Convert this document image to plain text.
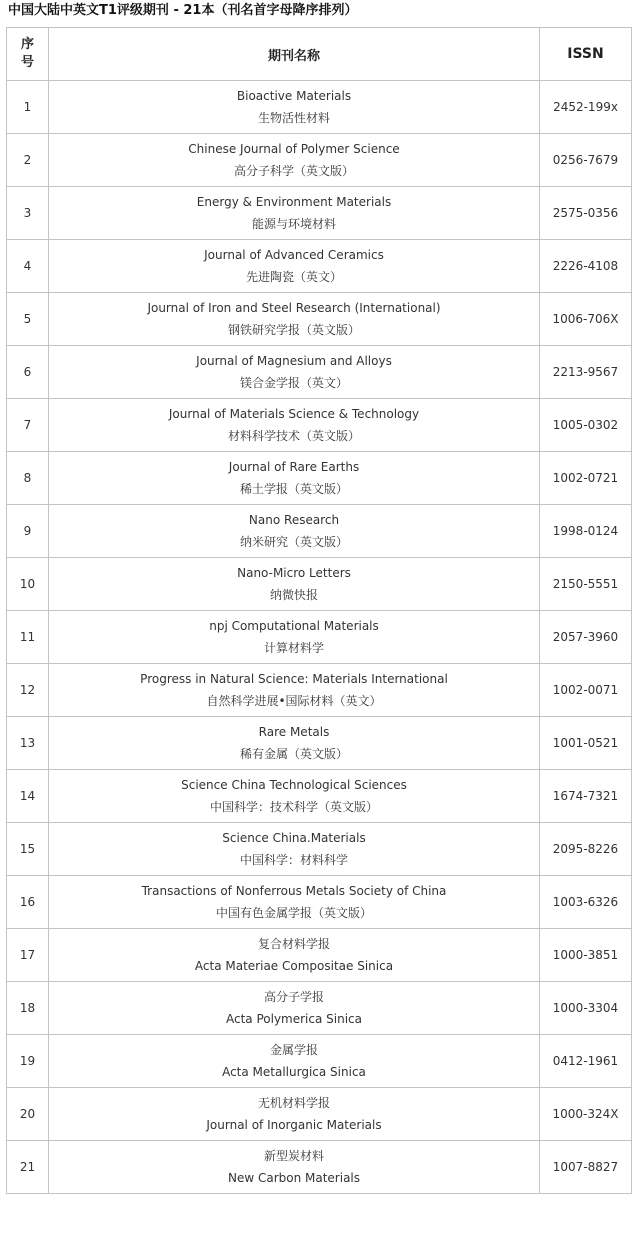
中国大陆中英文T1评级期刊 - 21本（刊名首字母降序排列）
序
号	期刊名称	ISSN
1	Bioactive Materials
生物活性材料	2452-199x
2	Chinese Journal of Polymer Science
高分子科学（英文版）	0256-7679
3	Energy & Environment Materials
能源与环境材料	2575-0356
4	Journal of Advanced Ceramics
先进陶瓷（英文）	2226-4108
5	Journal of Iron and Steel Research (International)
钢铁研究学报（英文版）	1006-706X
6	Journal of Magnesium and Alloys
镁合金学报（英文）	2213-9567
7	Journal of Materials Science & Technology
材料科学技术（英文版）	1005-0302
8	Journal of Rare Earths
稀土学报（英文版）	1002-0721
9	Nano Research
纳米研究（英文版）	1998-0124
10	Nano-Micro Letters
纳微快报	2150-5551
11	npj Computational Materials
计算材料学	2057-3960
12	Progress in Natural Science: Materials International
自然科学进展•国际材料（英文）	1002-0071
13	Rare Metals
稀有金属（英文版）	1001-0521
14	Science China Technological Sciences
中国科学：技术科学（英文版）	1674-7321
15	Science China.Materials
中国科学：材料科学	2095-8226
16	Transactions of Nonferrous Metals Society of China
中国有色金属学报（英文版）	1003-6326
17	复合材料学报
Acta Materiae Compositae Sinica	1000-3851
18	高分子学报
Acta Polymerica Sinica	1000-3304
19	金属学报
Acta Metallurgica Sinica	0412-1961
20	无机材料学报
Journal of Inorganic Materials	1000-324X
21	新型炭材料
New Carbon Materials	1007-8827
